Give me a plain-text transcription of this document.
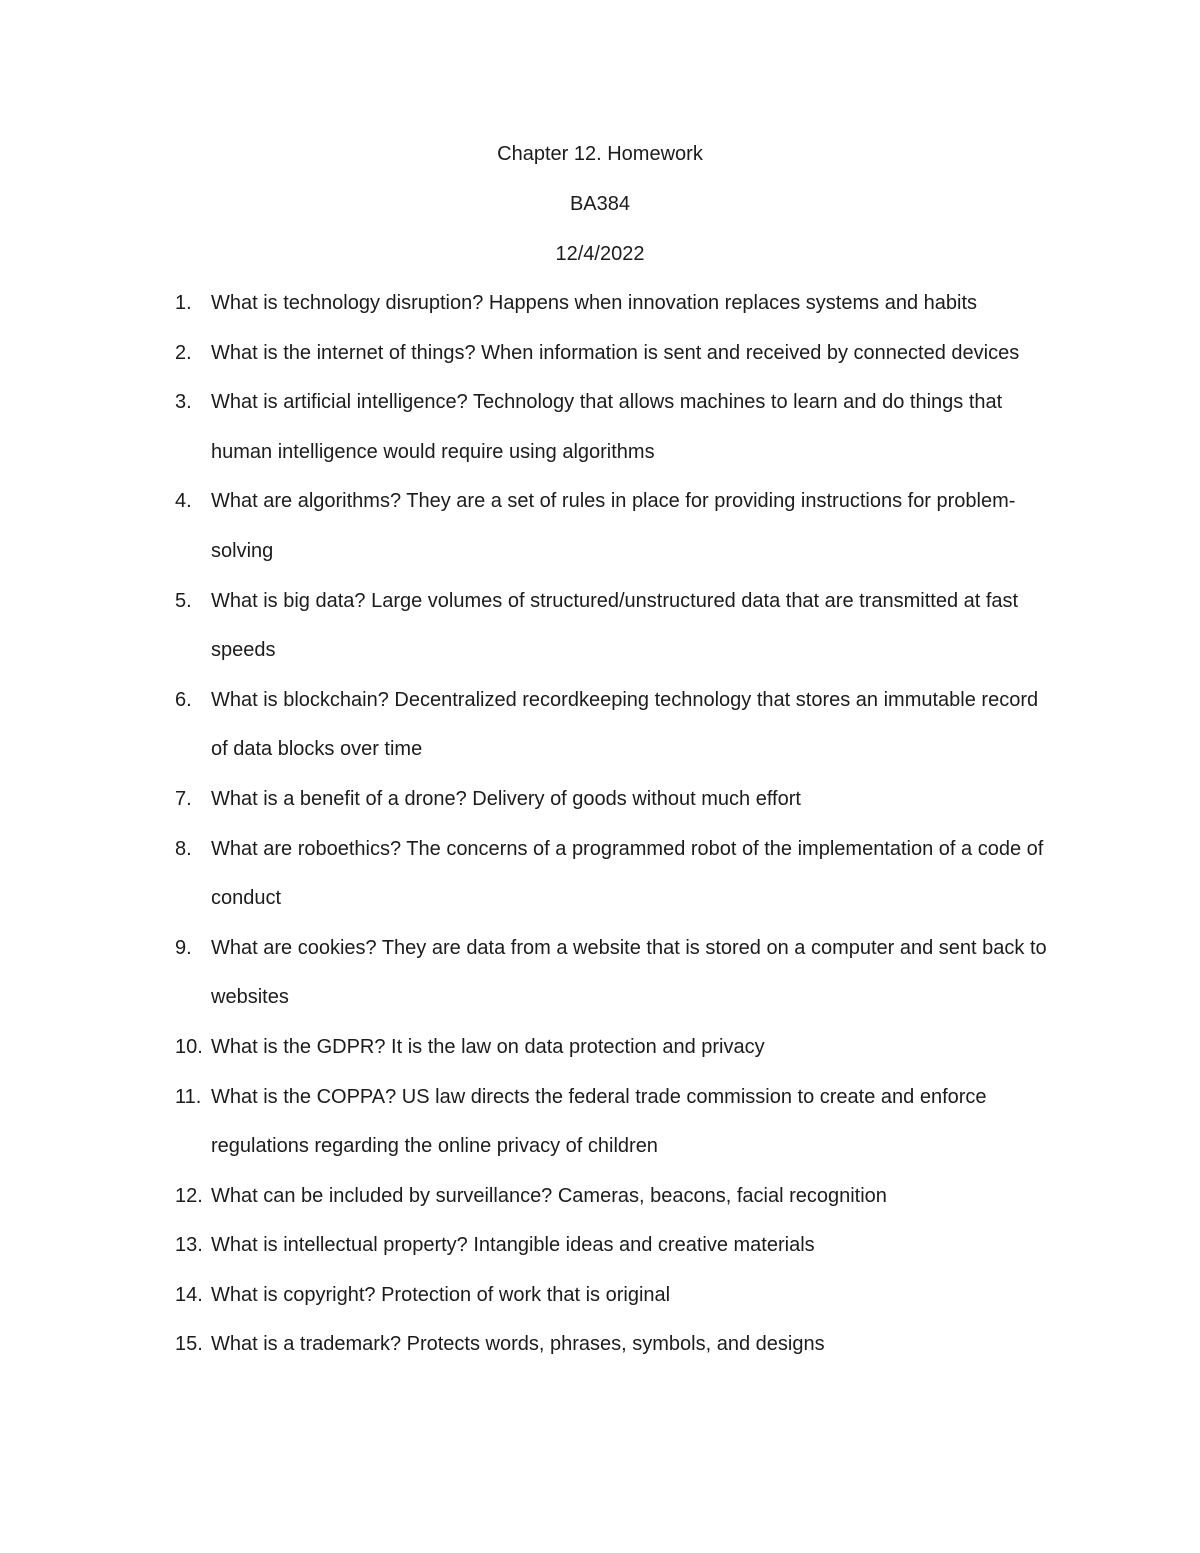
Chapter 12. Homework
BA384
12/4/2022
1. What is technology disruption? Happens when innovation replaces systems and habits
2. What is the internet of things? When information is sent and received by connected devices
3. What is artificial intelligence? Technology that allows machines to learn and do things that human intelligence would require using algorithms
4. What are algorithms? They are a set of rules in place for providing instructions for problem-solving
5. What is big data? Large volumes of structured/unstructured data that are transmitted at fast speeds
6. What is blockchain? Decentralized recordkeeping technology that stores an immutable record of data blocks over time
7. What is a benefit of a drone? Delivery of goods without much effort
8. What are roboethics? The concerns of a programmed robot of the implementation of a code of conduct
9. What are cookies? They are data from a website that is stored on a computer and sent back to websites
10. What is the GDPR? It is the law on data protection and privacy
11. What is the COPPA? US law directs the federal trade commission to create and enforce regulations regarding the online privacy of children
12. What can be included by surveillance? Cameras, beacons, facial recognition
13. What is intellectual property? Intangible ideas and creative materials
14. What is copyright? Protection of work that is original
15. What is a trademark? Protects words, phrases, symbols, and designs
